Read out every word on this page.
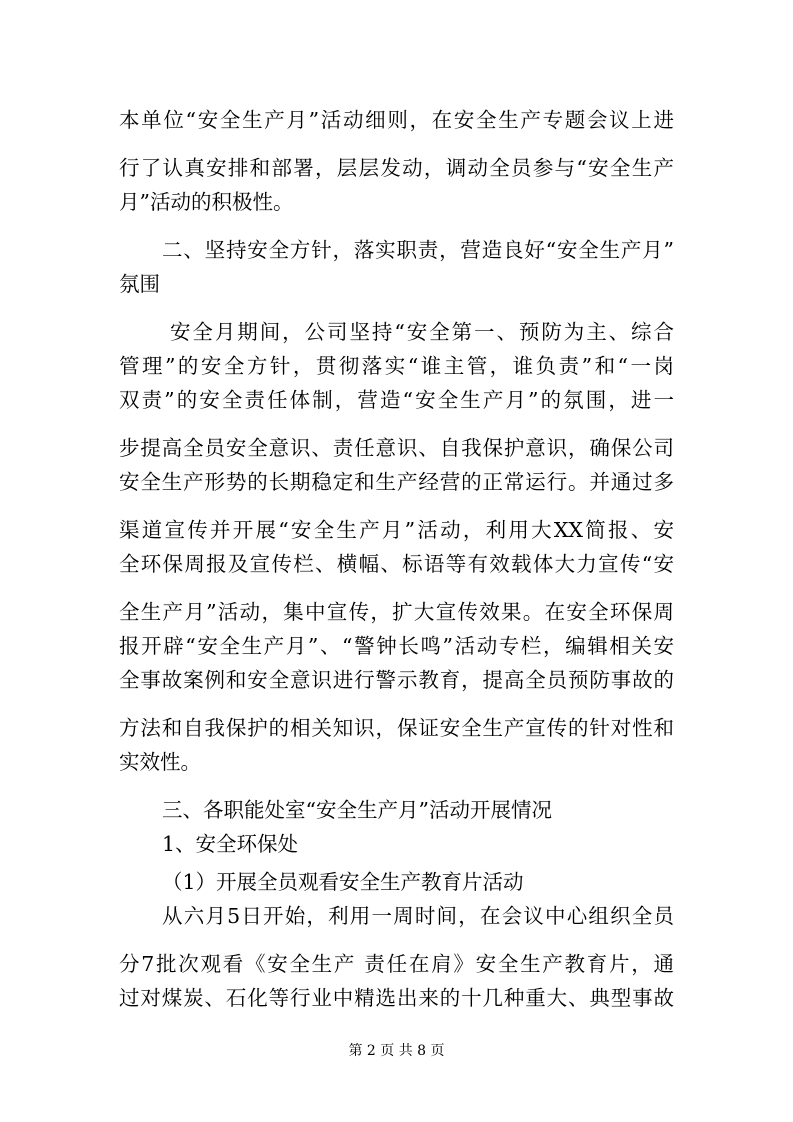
本单位“安全生产月”活动细则，在安全生产专题会议上进
行了认真安排和部署，层层发动，调动全员参与“安全生产
月”活动的积极性。
二、坚持安全方针，落实职责，营造良好“安全生产月”
氛围
安全月期间，公司坚持“安全第一、预防为主、综合
管理”的安全方针，贯彻落实“谁主管，谁负责”和“一岗
双责”的安全责任体制，营造“安全生产月”的氛围，进一
步提高全员安全意识、责任意识、自我保护意识，确保公司
安全生产形势的长期稳定和生产经营的正常运行。并通过多
渠道宣传并开展“安全生产月”活动，利用大XX简报、安
全环保周报及宣传栏、横幅、标语等有效载体大力宣传“安
全生产月”活动，集中宣传，扩大宣传效果。在安全环保周
报开辟“安全生产月”、“警钟长鸣”活动专栏，编辑相关安
全事故案例和安全意识进行警示教育，提高全员预防事故的
方法和自我保护的相关知识，保证安全生产宣传的针对性和
实效性。
三、各职能处室“安全生产月”活动开展情况
1、安全环保处
（1）开展全员观看安全生产教育片活动
从六月5日开始，利用一周时间，在会议中心组织全员
分7批次观看《安全生产 责任在肩》安全生产教育片，通
过对煤炭、石化等行业中精选出来的十几种重大、典型事故
第 2 页 共 8 页
